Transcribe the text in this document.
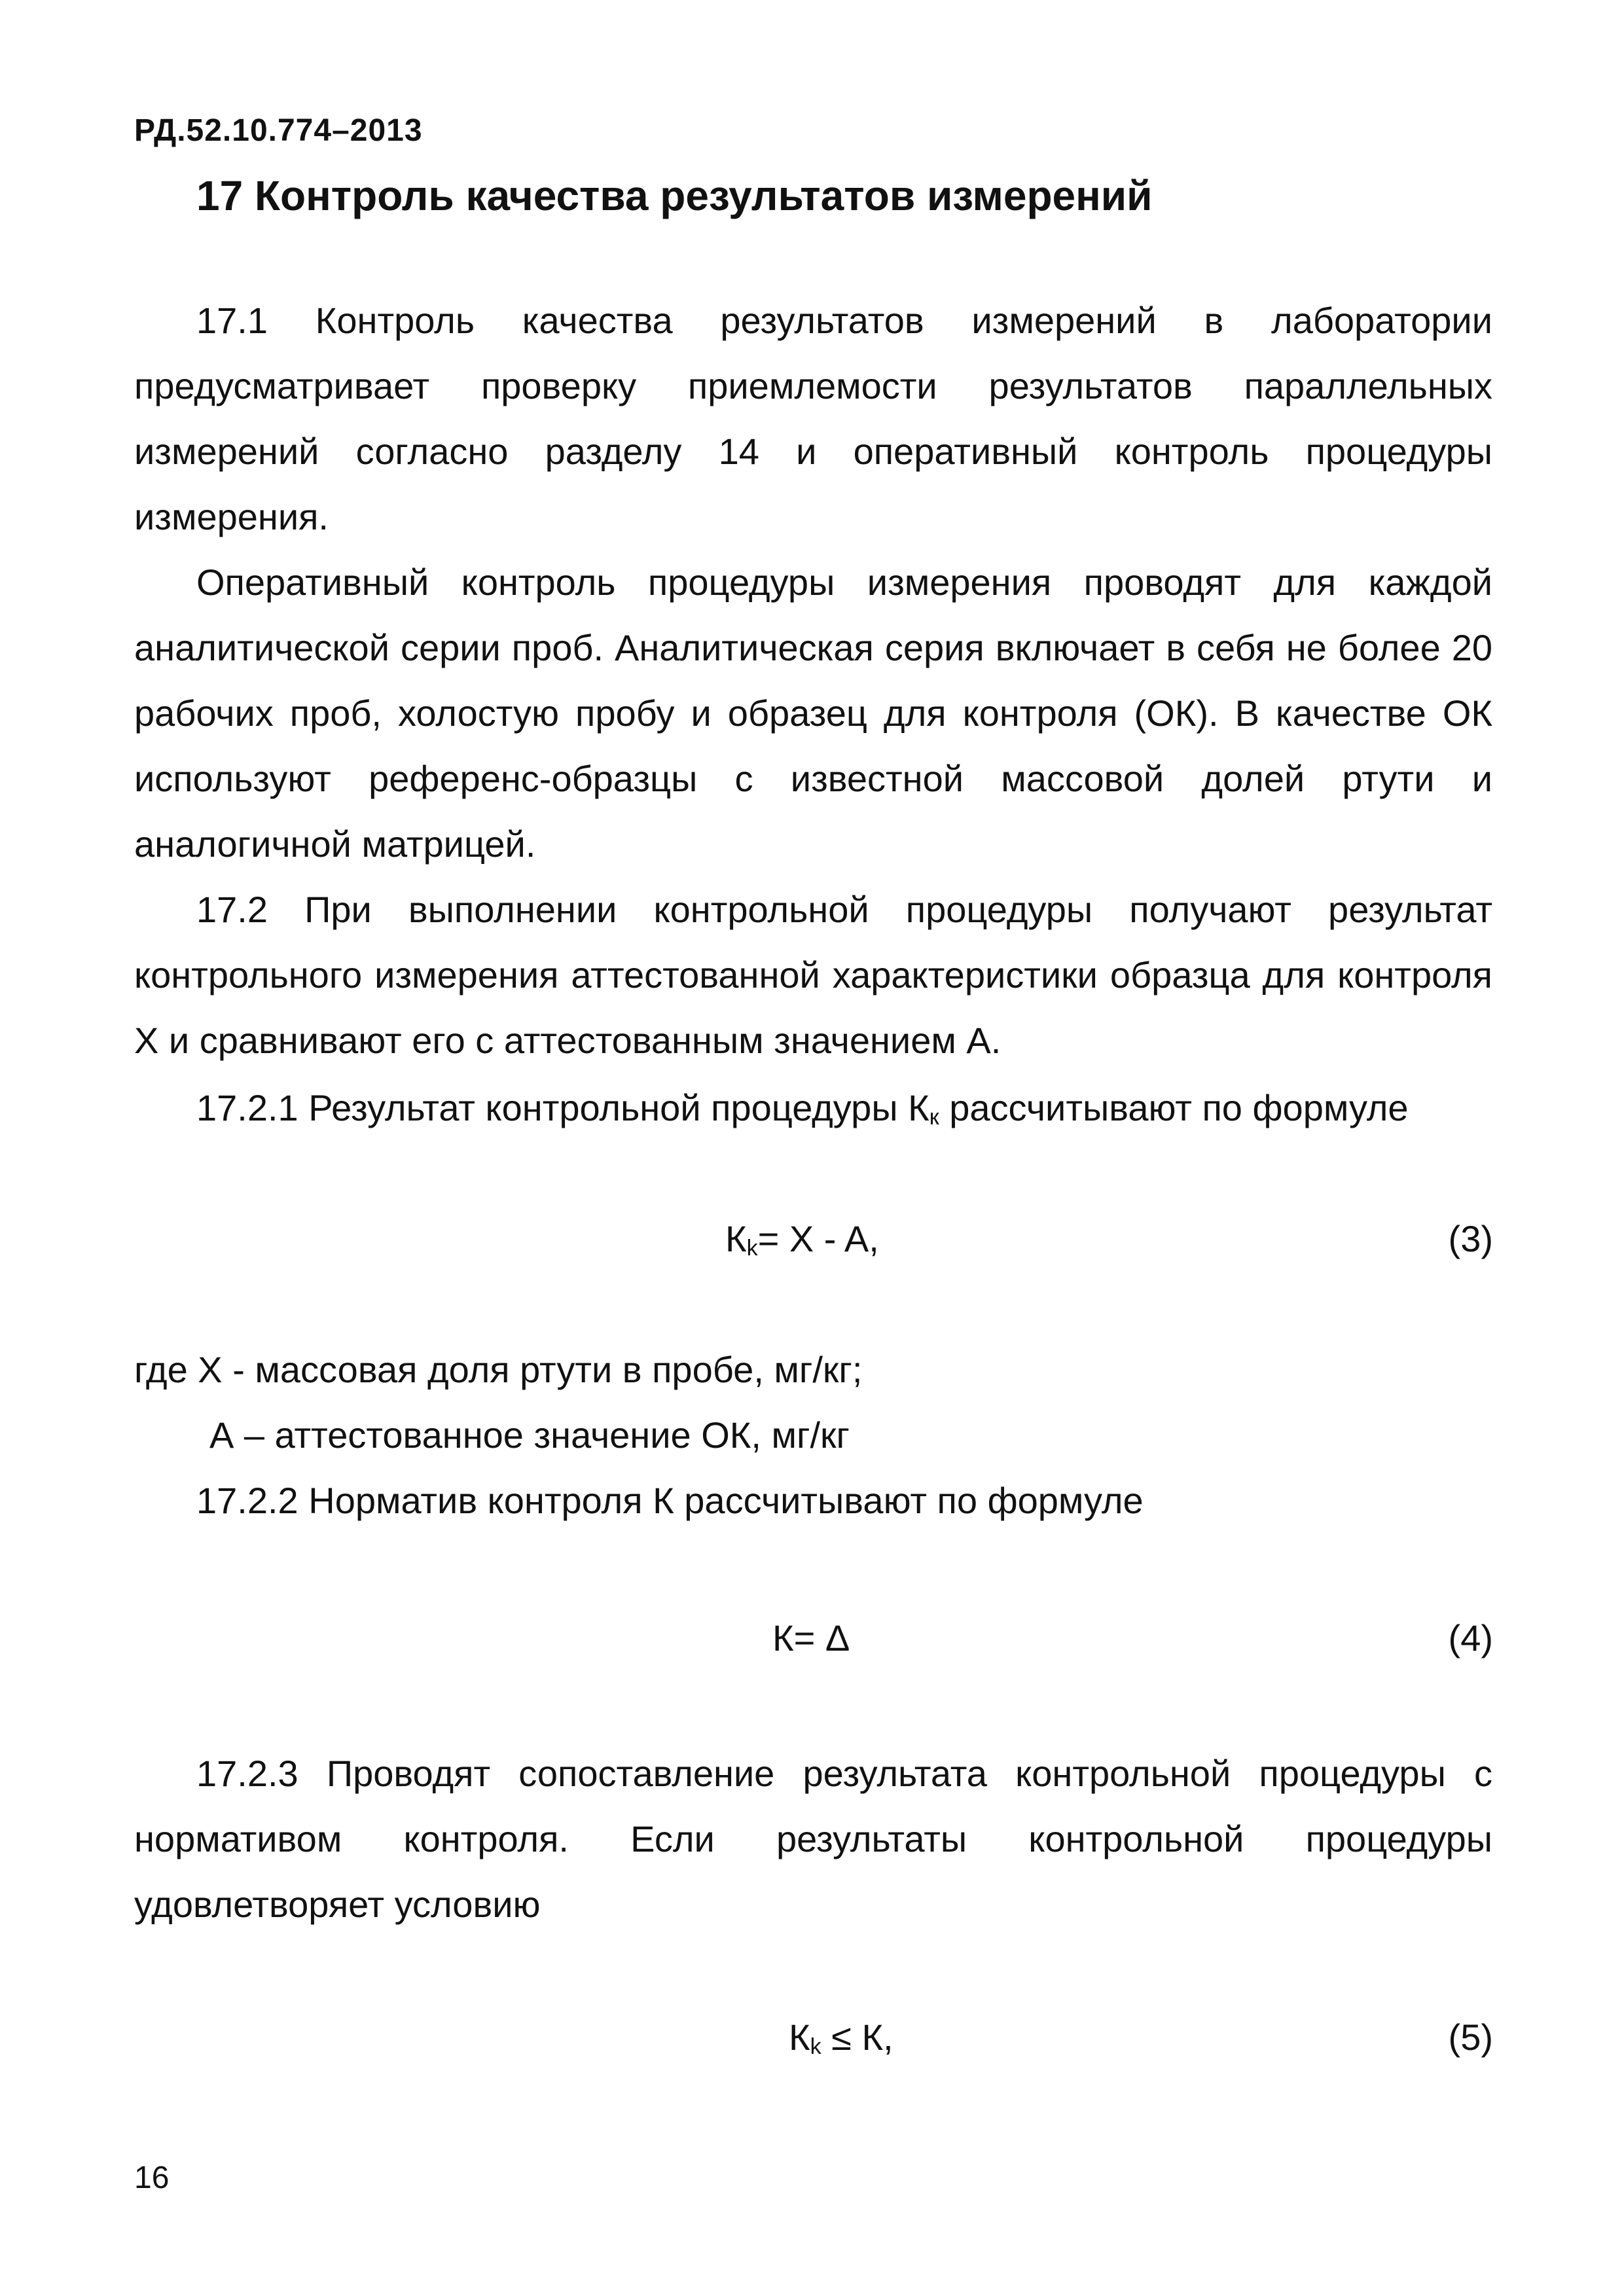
РД.52.10.774–2013
17 Контроль качества результатов измерений

17.1 Контроль качества результатов измерений в лаборатории предусматривает проверку приемлемости результатов параллельных измерений согласно разделу 14 и оперативный контроль процедуры измерения.

Оперативный контроль процедуры измерения проводят для каждой аналитической серии проб. Аналитическая серия включает в себя не более 20 рабочих проб, холостую пробу и образец для контроля (ОК). В качестве ОК используют референс-образцы с известной массовой долей ртути и аналогичной матрицей.

17.2 При выполнении контрольной процедуры получают результат контрольного измерения аттестованной характеристики образца для контроля X и сравнивают его с аттестованным значением А.

17.2.1 Результат контрольной процедуры $К_к$ рассчитывают по формуле
$К_k= X - A$,	(3)
где X - массовая доля ртути в пробе, мг/кг;
А – аттестованное значение ОК, мг/кг
17.2.2 Норматив контроля К рассчитывают по формуле
К= Δ	(4)

17.2.3 Проводят сопоставление результата контрольной процедуры с нормативом контроля. Если результаты контрольной процедуры удовлетворяет условию

$К_k \le К$,	(5)
16
